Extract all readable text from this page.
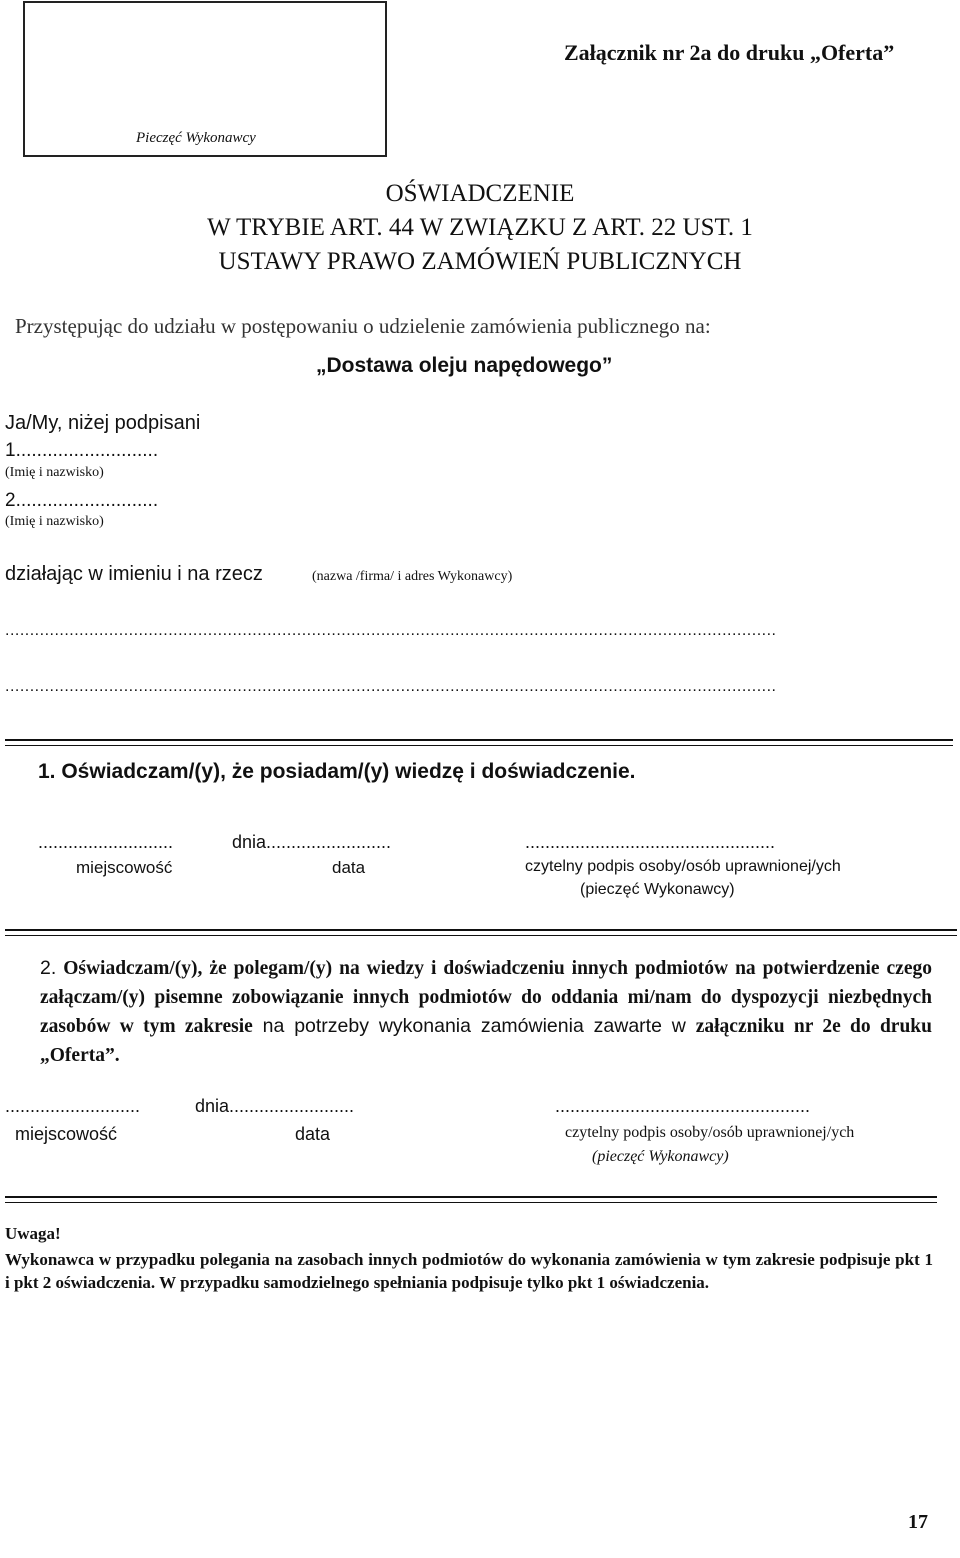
Pieczęć Wykonawcy
Załącznik nr 2a do druku „Oferta”
OŚWIADCZENIE
W TRYBIE ART. 44 W ZWIĄZKU Z ART. 22 UST. 1
USTAWY PRAWO ZAMÓWIEŃ PUBLICZNYCH
Przystępując do udziału w postępowaniu o udzielenie zamówienia publicznego na:
„Dostawa oleju napędowego”
Ja/My, niżej podpisani
1...........................
(Imię i nazwisko)
2...........................
(Imię i nazwisko)
działając w imieniu i na rzecz	(nazwa /firma/ i adres Wykonawcy)
............................................................................................................................................................
............................................................................................................................................................
1. Oświadczam/(y), że posiadam/(y) wiedzę i doświadczenie.
...........................	dnia.........................	..................................................
miejscowość	data	czytelny podpis osoby/osób uprawnionej/ych
(pieczęć Wykonawcy)
2. Oświadczam/(y), że polegam/(y) na wiedzy i doświadczeniu innych podmiotów na potwierdzenie czego załączam/(y) pisemne zobowiązanie innych podmiotów do oddania mi/nam do dyspozycji niezbędnych zasobów w tym zakresie na potrzeby wykonania zamówienia zawarte w załączniku nr 2e do druku „Oferta”.
...........................	dnia.........................	...................................................
miejscowość	data	czytelny podpis osoby/osób uprawnionej/ych
(pieczęć Wykonawcy)
Uwaga!
Wykonawca w przypadku polegania na zasobach innych podmiotów do wykonania zamówienia w tym zakresie podpisuje pkt 1 i pkt 2 oświadczenia. W przypadku samodzielnego spełniania podpisuje tylko pkt 1 oświadczenia.
17
